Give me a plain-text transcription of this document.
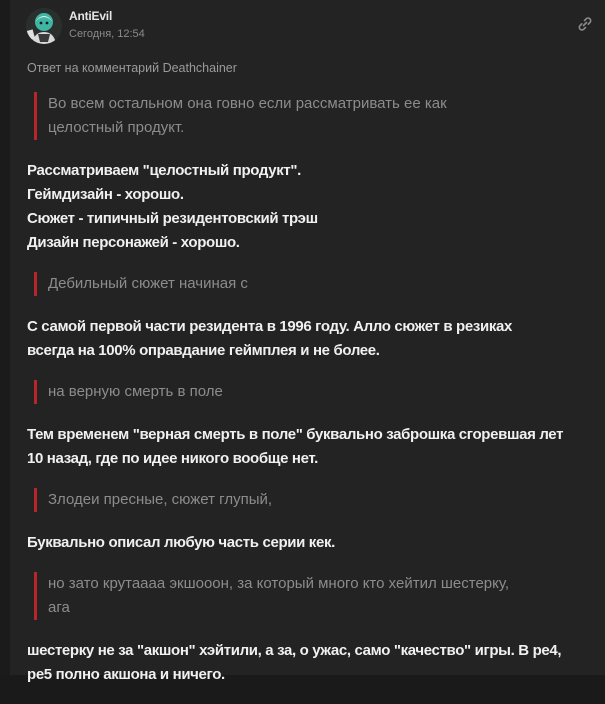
AntiEvil
Сегодня, 12:54
Ответ на комментарий Deathchainer
Во всем остальном она говно если рассматривать ее как
целостный продукт.
Рассматриваем "целостный продукт".
Геймдизайн - хорошо.
Сюжет - типичный резидентовский трэш
Дизайн персонажей - хорошо.
Дебильный сюжет начиная с
С самой первой части резидента в 1996 году. Алло сюжет в резиках
всегда на 100% оправдание геймплея и не более.
на верную смерть в поле
Тем временем "верная смерть в поле" буквально заброшка сгоревшая лет
10 назад, где по идее никого вообще нет.
Злодеи пресные, сюжет глупый,
Буквально описал любую часть серии кек.
но зато крутаааа экшооон, за который много кто хейтил шестерку,
ага
шестерку не за "акшон" хэйтили, а за, о ужас, само "качество" игры. В ре4,
ре5 полно акшона и ничего.
